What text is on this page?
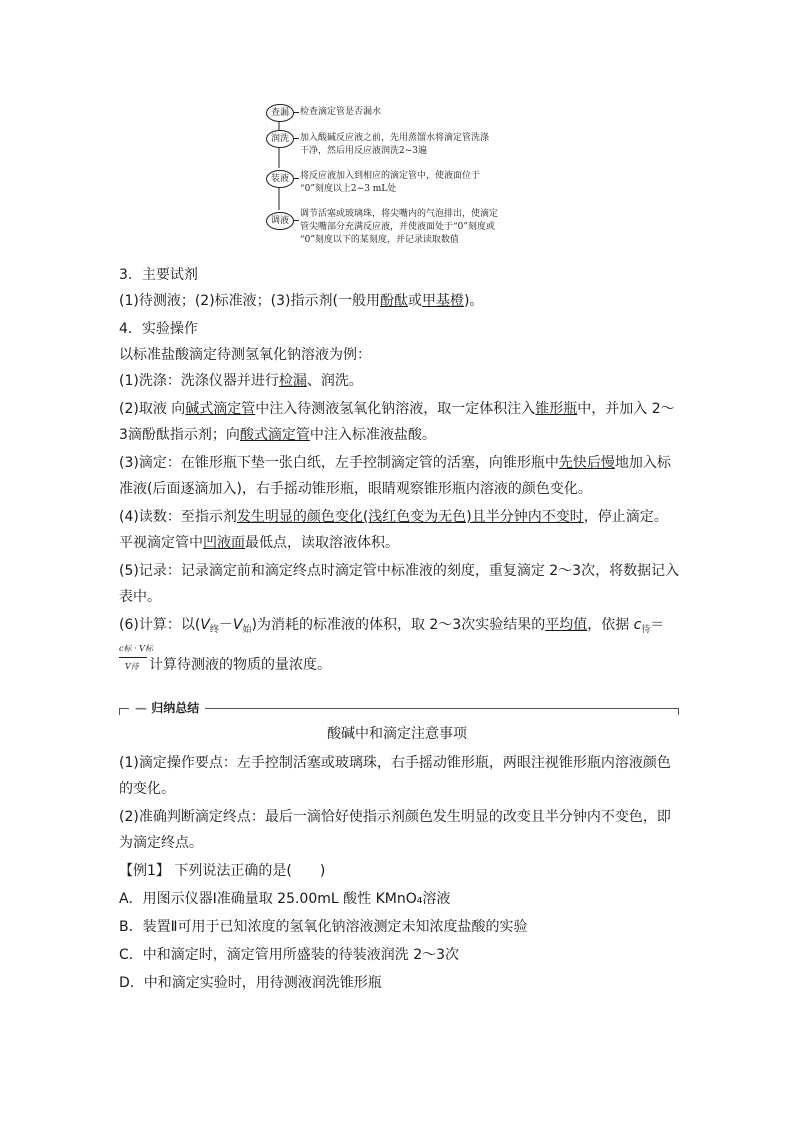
查漏	检查滴定管是否漏水
润洗	加入酸碱反应液之前，先用蒸馏水将滴定管洗涤
干净，然后用反应液润洗2~3遍
装液	将反应液加入到相应的滴定管中，使液面位于
“0”刻度以上2~3 mL处
调液
调节活塞或玻璃珠，将尖嘴内的气泡排出，使滴定
管尖嘴部分充满反应液，并使液面处于“0”刻度或
“0”刻度以下的某刻度，并记录读取数值
3．主要试剂
(1)待测液；(2)标准液；(3)指示剂(一般用酚酞或甲基橙)。
4．实验操作
以标准盐酸滴定待测氢氧化钠溶液为例：
(1)洗涤：洗涤仪器并进行检漏、润洗。
(2)取液 向碱式滴定管中注入待测液氢氧化钠溶液，取一定体积注入锥形瓶中，并加入 2～
3滴酚酞指示剂；向酸式滴定管中注入标准液盐酸。
(3)滴定：在锥形瓶下垫一张白纸，左手控制滴定管的活塞，向锥形瓶中先快后慢地加入标
准液(后面逐滴加入)，右手摇动锥形瓶，眼睛观察锥形瓶内溶液的颜色变化。
(4)读数：至指示剂发生明显的颜色变化(浅红色变为无色)且半分钟内不变时，停止滴定。
平视滴定管中凹液面最低点，读取溶液体积。
(5)记录：记录滴定前和滴定终点时滴定管中标准液的刻度，重复滴定 2～3次，将数据记入
表中。
(6)计算：以$(V_终-V_始)$为消耗的标准液的体积，取 2～3次实验结果的平均值，依据 $c_待=$
c标 · V标
V待 计算待测液的物质的量浓度。
— 归纳总结
酸碱中和滴定注意事项
(1)滴定操作要点：左手控制活塞或玻璃珠，右手摇动锥形瓶，两眼注视锥形瓶内溶液颜色
的变化。
(2)准确判断滴定终点：最后一滴恰好使指示剂颜色发生明显的改变且半分钟内不变色，即
为滴定终点。
【例1】 下列说法正确的是(　　)
A．用图示仪器Ⅰ准确量取 25.00mL 酸性 KMnO₄溶液
B．装置Ⅱ可用于已知浓度的氢氧化钠溶液测定未知浓度盐酸的实验
C．中和滴定时，滴定管用所盛装的待装液润洗 2～3次
D．中和滴定实验时，用待测液润洗锥形瓶
